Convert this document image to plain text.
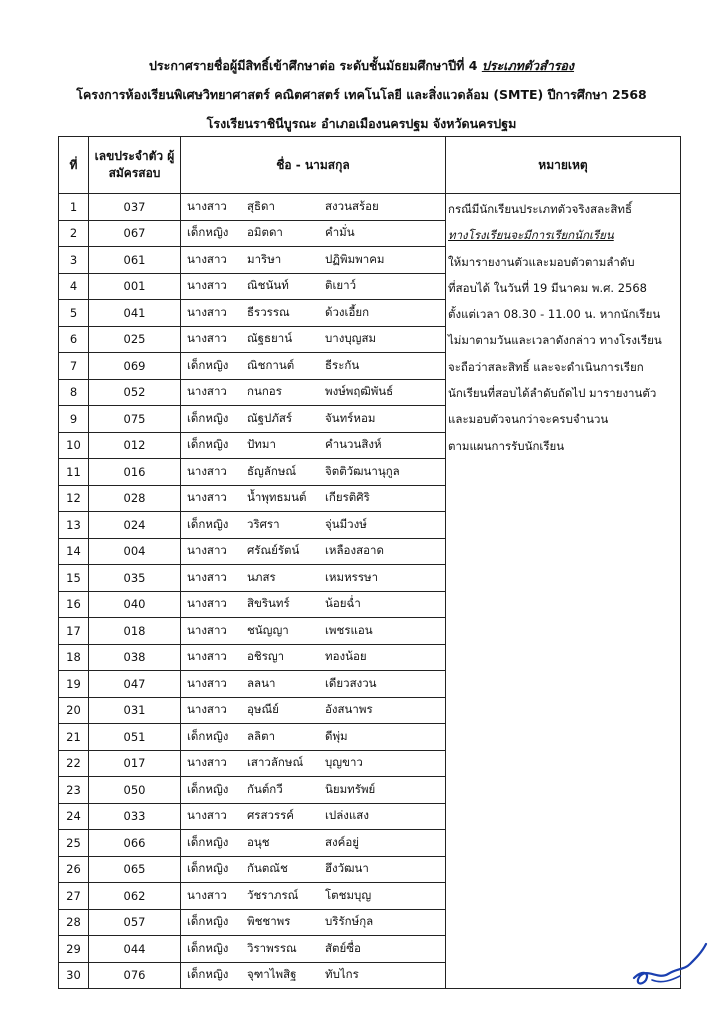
ประกาศรายชื่อผู้มีสิทธิ์เข้าศึกษาต่อ ระดับชั้นมัธยมศึกษาปีที่ 4 ประเภทตัวสำรอง
โครงการห้องเรียนพิเศษวิทยาศาสตร์ คณิตศาสตร์ เทคโนโลยี และสิ่งแวดล้อม (SMTE) ปีการศึกษา 2568
โรงเรียนราชินีบูรณะ อำเภอเมืองนครปฐม จังหวัดนครปฐม
ที่	เลขประจำตัว ผู้สมัครสอบ	ชื่อ - นามสกุล	หมายเหตุ
1	037	นางสาว สุธิดา สงวนสร้อย	
2	067	เด็กหญิง อมิตดา คำมั่น	
3	061	นางสาว มาริษา ปฏิพิมพาคม	
4	001	นางสาว ณิชนันท์ ติเยาว์	
5	041	นางสาว ธีรวรรณ ด้วงเอี้ยก	
6	025	นางสาว ณัฐธยาน์ บางบุญสม	
7	069	เด็กหญิง ณิชกานต์ ธีระกัน	
8	052	นางสาว กนกอร พงษ์พฤฒิพันธ์	
9	075	เด็กหญิง ณัฐปภัสร์ จันทร์หอม	
10	012	เด็กหญิง ปัทมา คำนวนสิงห์	
11	016	นางสาว ธัญลักษณ์ จิตติวัฒนานุกูล	
12	028	นางสาว น้ำพุทธมนต์ เกียรติศิริ	
13	024	เด็กหญิง วริศรา จุ่นมีวงษ์	
14	004	นางสาว ศรัณย์รัตน์ เหลืองสอาด	
15	035	นางสาว นภสร เหมหรรษา	
16	040	นางสาว สิขรินทร์ น้อยฉ่ำ	
17	018	นางสาว ชนัญญา เพชรแอน	
18	038	นางสาว อชิรญา ทองน้อย	
19	047	นางสาว ลลนา เดียวสงวน	
20	031	นางสาว อุษณีย์ อังสนาพร	
21	051	เด็กหญิง ลลิตา ดีพุ่ม	
22	017	นางสาว เสาวลักษณ์ บุญขาว	
23	050	เด็กหญิง กันต์กวี นิยมทรัพย์	
24	033	นางสาว ศรสวรรค์ เปล่งแสง	
25	066	เด็กหญิง อนุช สงค์อยู่	
26	065	เด็กหญิง กันตณัช ฮึงวัฒนา	
27	062	นางสาว วัชราภรณ์ โตชมบุญ	
28	057	เด็กหญิง พิชชาพร บริรักษ์กุล	
29	044	เด็กหญิง วิราพรรณ สัตย์ซื่อ	
30	076	เด็กหญิง จุฑาไพสิฐ ทับไกร	
กรณีมีนักเรียนประเภทตัวจริงสละสิทธิ์
ทางโรงเรียนจะมีการเรียกนักเรียน
ให้มารายงานตัวและมอบตัวตามลำดับ
ที่สอบได้ ในวันที่ 19 มีนาคม พ.ศ. 2568
ตั้งแต่เวลา 08.30 - 11.00 น. หากนักเรียน
ไม่มาตามวันและเวลาดังกล่าว ทางโรงเรียน
จะถือว่าสละสิทธิ์ และจะดำเนินการเรียก
นักเรียนที่สอบได้ลำดับถัดไป มารายงานตัว
และมอบตัวจนกว่าจะครบจำนวน
ตามแผนการรับนักเรียน
